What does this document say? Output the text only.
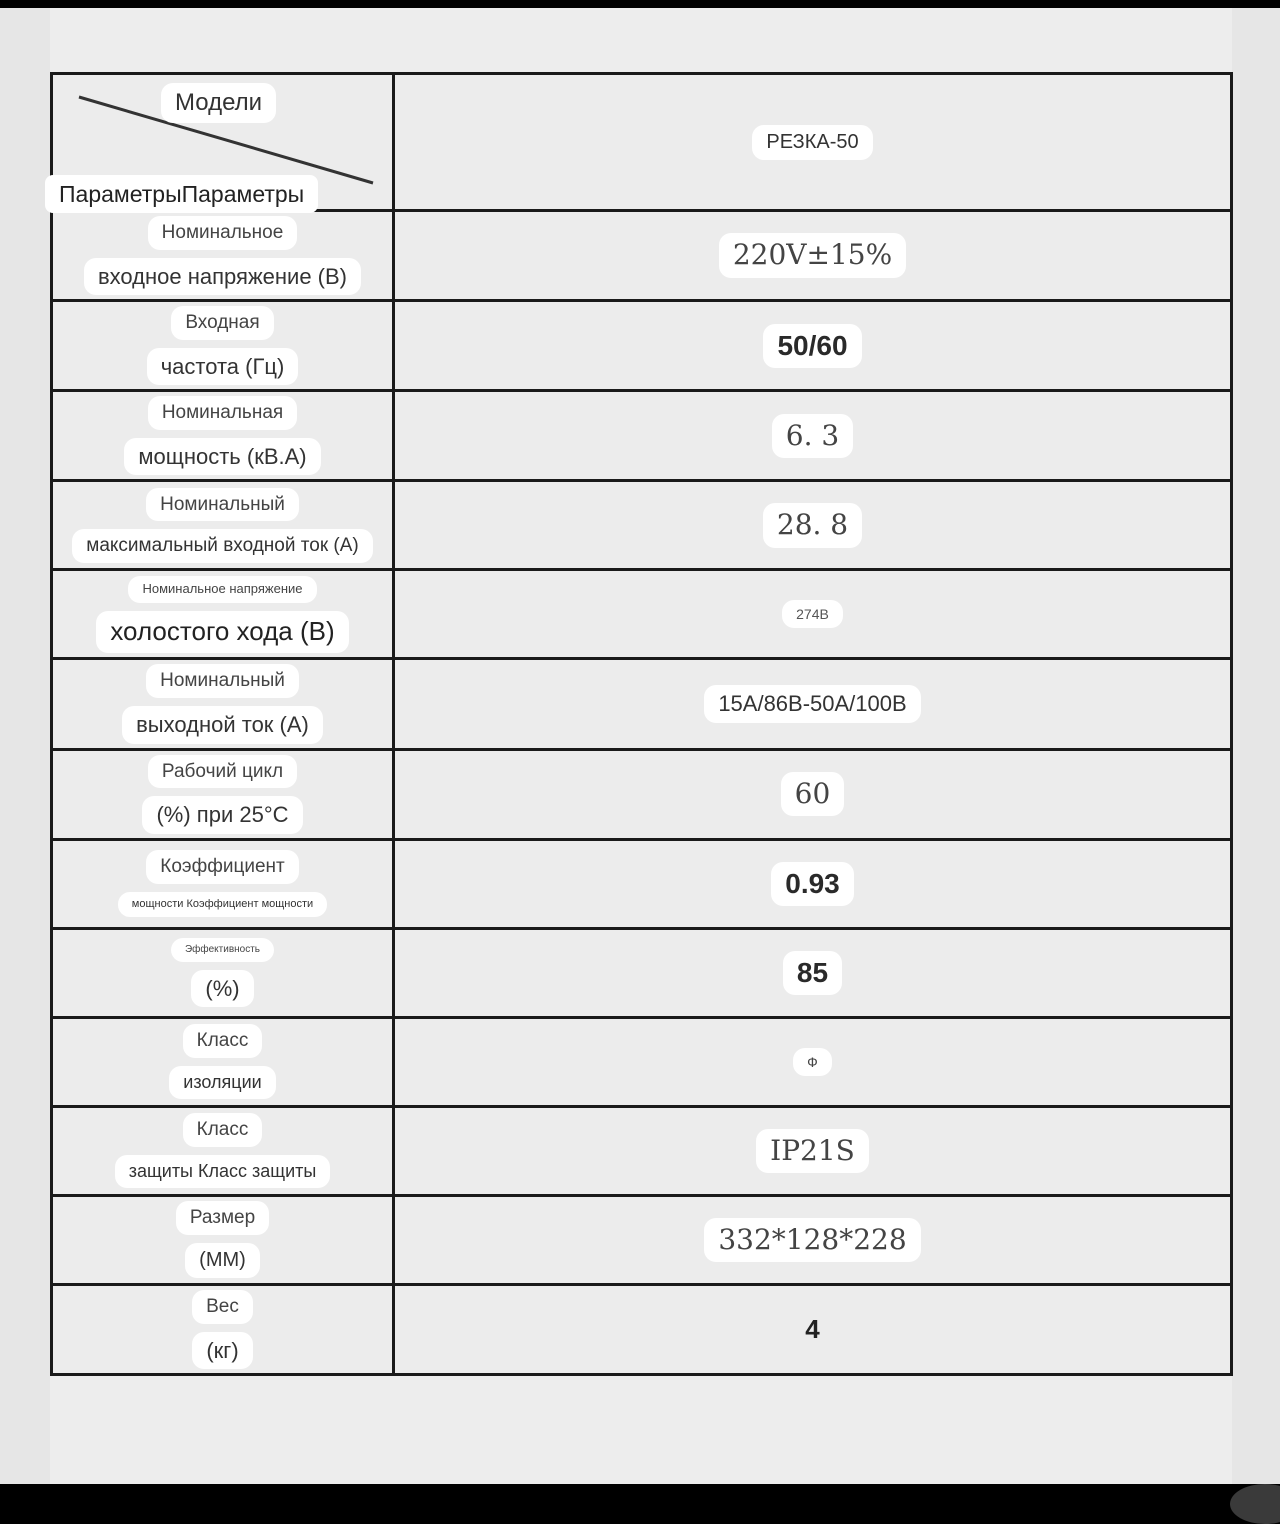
Модели
ПараметрыПараметры	РЕЗКА-50

Номинальное
входное напряжение (В)	220V±15%

Входная
частота (Гц)	50/60

Номинальная
мощность (кВ.А)	6. 3

Номинальный
максимальный входной ток (А)	28. 8

Номинальное напряжение
холостого хода (В)	274В

Номинальный
выходной ток (А)	15А/86В-50А/100В

Рабочий цикл
(%) при 25°С	60

Коэффициент
мощности Коэффициент мощности	0.93

Эффективность
(%)	85

Класс
изоляции	Ф

Класс
защиты Класс защиты	IP21S

Размер
(ММ)	332*128*228

Вес
(кг)	4
